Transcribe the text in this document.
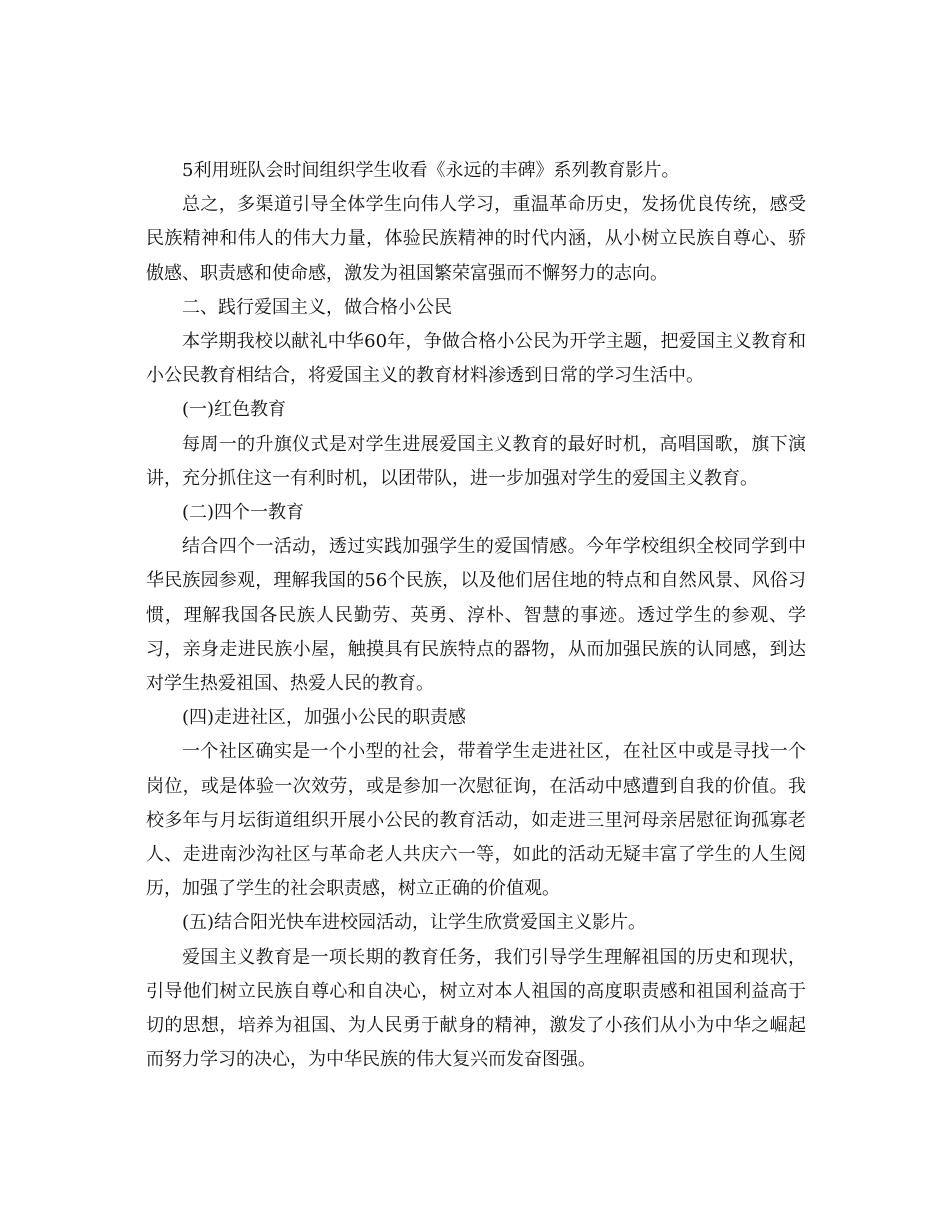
5利用班队会时间组织学生收看《永远的丰碑》系列教育影片。

总之，多渠道引导全体学生向伟人学习，重温革命历史，发扬优良传统，感受民族精神和伟人的伟大力量，体验民族精神的时代内涵，从小树立民族自尊心、骄傲感、职责感和使命感，激发为祖国繁荣富强而不懈努力的志向。

二、践行爱国主义，做合格小公民

本学期我校以献礼中华60年，争做合格小公民为开学主题，把爱国主义教育和小公民教育相结合，将爱国主义的教育材料渗透到日常的学习生活中。

(一)红色教育

每周一的升旗仪式是对学生进展爱国主义教育的最好时机，高唱国歌，旗下演讲，充分抓住这一有利时机，以团带队，进一步加强对学生的爱国主义教育。

(二)四个一教育

结合四个一活动，透过实践加强学生的爱国情感。今年学校组织全校同学到中华民族园参观，理解我国的56个民族，以及他们居住地的特点和自然风景、风俗习惯，理解我国各民族人民勤劳、英勇、淳朴、智慧的事迹。透过学生的参观、学习，亲身走进民族小屋，触摸具有民族特点的器物，从而加强民族的认同感，到达对学生热爱祖国、热爱人民的教育。

(四)走进社区，加强小公民的职责感

一个社区确实是一个小型的社会，带着学生走进社区，在社区中或是寻找一个岗位，或是体验一次效劳，或是参加一次慰征询，在活动中感遭到自我的价值。我校多年与月坛街道组织开展小公民的教育活动，如走进三里河母亲居慰征询孤寡老人、走进南沙沟社区与革命老人共庆六一等，如此的活动无疑丰富了学生的人生阅历，加强了学生的社会职责感，树立正确的价值观。

(五)结合阳光快车进校园活动，让学生欣赏爱国主义影片。

爱国主义教育是一项长期的教育任务，我们引导学生理解祖国的历史和现状，引导他们树立民族自尊心和自决心，树立对本人祖国的高度职责感和祖国利益高于切的思想，培养为祖国、为人民勇于献身的精神，激发了小孩们从小为中华之崛起而努力学习的决心，为中华民族的伟大复兴而发奋图强。
